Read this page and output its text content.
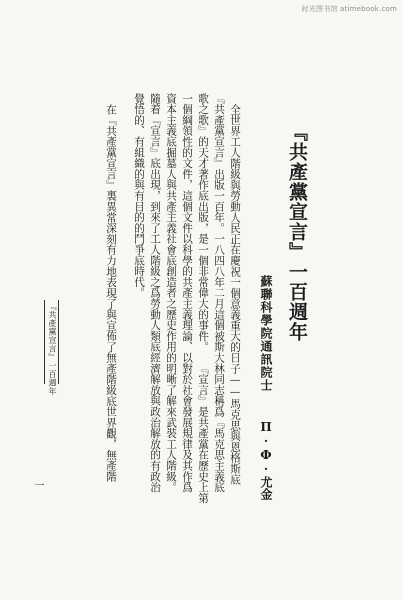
时光图书馆 atimebook.com
『共產黨宣言』一百週年
蘇聯科學院通訊院士
П·Ф·尤金
全世界工人階級與勞動人民正在慶祝一個意義重大的日子——馬克思與恩格斯底
『共產黨宣言』出版一百年。一八四八年二月這個被斯大林同志稱爲『馬克思主義底
歌之歌』的天才著作底出版，是一個非常偉大的事件。
『宣言』是共產黨在歷史上第
一個綱領性的文件，這個文件以科學的共產主義理論、以對於社會發展規律及其作爲
資本主義底掘墓人與共產主義社會底創造者之歷史作用的明晰了解來武裝工人階級。
隨着『宣言』底出現，到來了工人階級之爲勞動人類底經濟解放與政治解放的有政治
覺悟的、有組織的與有目的的鬥爭底時代。
在『共產黨宣言』裏異常深刻有力地表現了與宣佈了無產階級底世界觀，無產階
『共產黨宣言』一百週年
一
